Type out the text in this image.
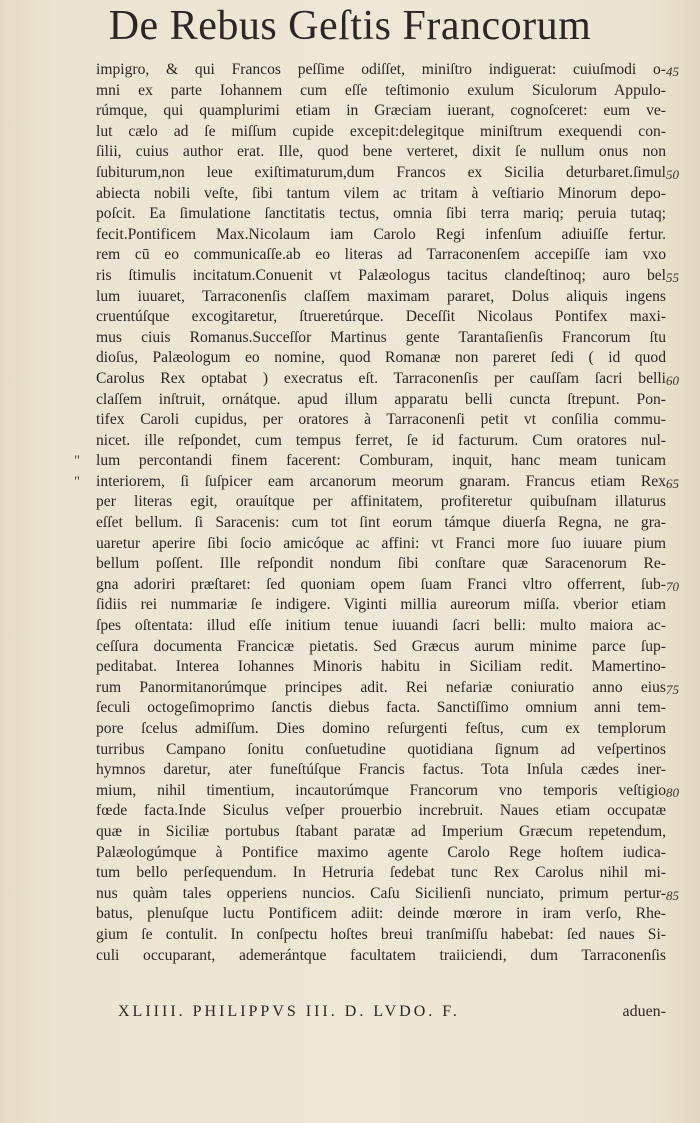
De Rebus Geſtis Francorum
"
"
impigro, & qui Francos peſſime odiſſet, miniſtro indiguerat: cuiuſmodi o-
mni ex parte Iohannem cum eſſe teſtimonio exulum Siculorum Appulo-
rúmque, qui quamplurimi etiam in Græciam iuerant, cognoſceret: eum ve-
lut cælo ad ſe miſſum cupide excepit:delegitque miniſtrum exequendi con-
ſilii, cuius author erat. Ille, quod bene verteret, dixit ſe nullum onus non
ſubiturum,non leue exiſtimaturum,dum Francos ex Sicilia deturbaret.ſimul
abiecta nobili veſte, ſibi tantum vilem ac tritam à veſtiario Minorum depo-
poſcit. Ea ſimulatione ſanctitatis tectus, omnia ſibi terra mariq; peruia tutaq;
fecit.Pontificem Max.Nicolaum iam Carolo Regi infenſum adiuiſſe fertur.
rem cū eo communicaſſe.ab eo literas ad Tarraconenſem accepiſſe iam vxo
ris ſtimulis incitatum.Conuenit vt Palæologus tacitus clandeſtinoq; auro bel
lum iuuaret, Tarraconenſis claſſem maximam pararet, Dolus aliquis ingens
cruentúſque excogitaretur, ſtrueretúrque. Deceſſit Nicolaus Pontifex maxi-
mus ciuis Romanus.Succeſſor Martinus gente Tarantaſienſis Francorum ſtu
dioſus, Palæologum eo nomine, quod Romanæ non pareret ſedi ( id quod
Carolus Rex optabat ) execratus eſt. Tarraconenſis per cauſſam ſacri belli
claſſem inſtruit, ornátque. apud illum apparatu belli cuncta ſtrepunt. Pon-
tifex Caroli cupidus, per oratores à Tarraconenſi petit vt conſilia commu-
nicet. ille reſpondet, cum tempus ferret, ſe id facturum. Cum oratores nul-
lum percontandi finem facerent: Comburam, inquit, hanc meam tunicam
interiorem, ſi ſuſpicer eam arcanorum meorum gnaram. Francus etiam Rex
per literas egit, orauítque per affinitatem, profiteretur quibuſnam illaturus
eſſet bellum. ſi Saracenis: cum tot ſint eorum támque diuerſa Regna, ne gra-
uaretur aperire ſibi ſocio amicóque ac affini: vt Franci more ſuo iuuare pium
bellum poſſent. Ille reſpondit nondum ſibi conſtare quæ Saracenorum Re-
gna adoriri præſtaret: ſed quoniam opem ſuam Franci vltro offerrent, ſub-
ſidiis rei nummariæ ſe indigere. Viginti millia aureorum miſſa. vberior etiam
ſpes oſtentata: illud eſſe initium tenue iuuandi ſacri belli: multo maiora ac-
ceſſura documenta Francicæ pietatis. Sed Græcus aurum minime parce ſup-
peditabat. Interea Iohannes Minoris habitu in Siciliam redit. Mamertino-
rum Panormitanorúmque principes adit. Rei nefariæ coniuratio anno eius
ſeculi octogeſimoprimo ſanctis diebus facta. Sanctiſſimo omnium anni tem-
pore ſcelus admiſſum. Dies domino reſurgenti feſtus, cum ex templorum
turribus Campano ſonitu conſuetudine quotidiana ſignum ad veſpertinos
hymnos daretur, ater funeſtúſque Francis factus. Tota Inſula cædes iner-
mium, nihil timentium, incautorúmque Francorum vno temporis veſtigio
fœde facta.Inde Siculus veſper prouerbio increbruit. Naues etiam occupatæ
quæ in Siciliæ portubus ſtabant paratæ ad Imperium Græcum repetendum,
Palæologúmque à Pontifice maximo agente Carolo Rege hoſtem iudica-
tum bello perſequendum. In Hetruria ſedebat tunc Rex Carolus nihil mi-
nus quàm tales opperiens nuncios. Caſu Sicilienſi nunciato, primum pertur-
batus, plenuſque luctu Pontificem adiit: deinde mœrore in iram verſo, Rhe-
gium ſe contulit. In conſpectu hoſtes breui tranſmiſſu habebat: ſed naues Si-
culi occuparant, ademerántque facultatem traiiciendi, dum Tarraconenſis
45
50
55
60
65
70
75
80
85
XLIIII. PHILIPPVS III. D. LVDO. F.	aduen-
